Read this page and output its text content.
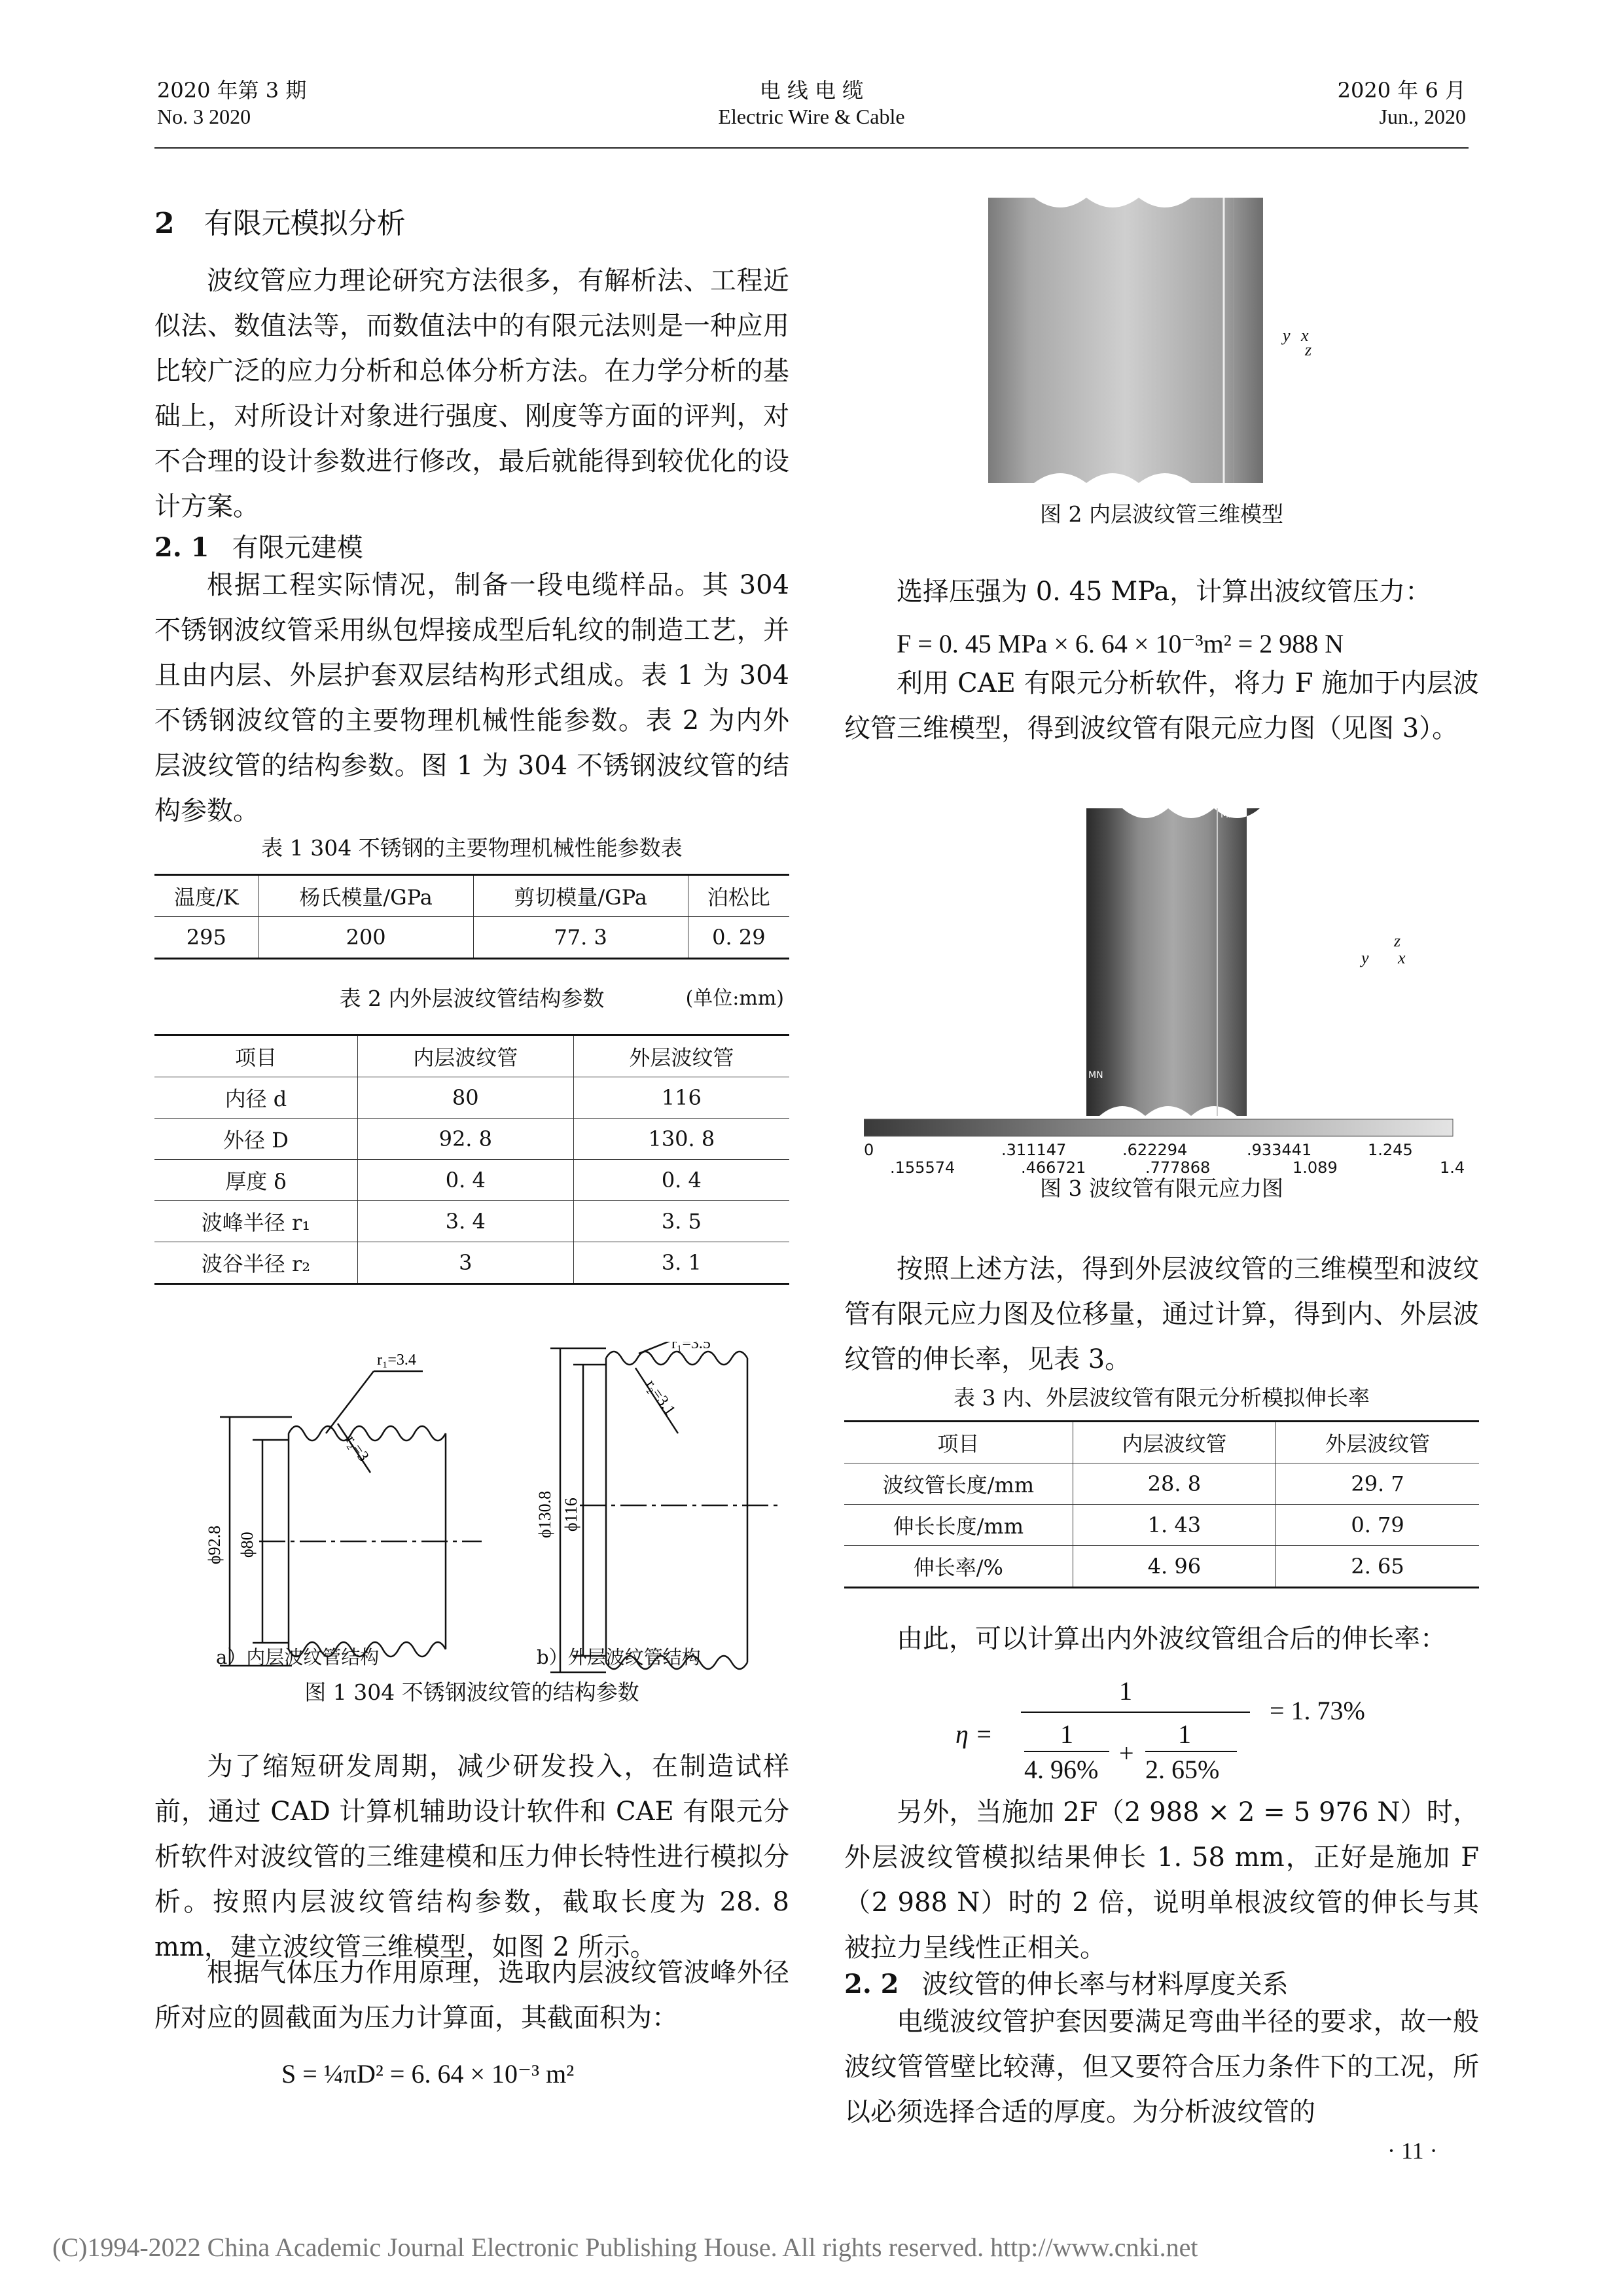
2020 年第 3 期
No. 3 2020
电 线 电 缆
Electric Wire & Cable
2020 年 6 月
Jun., 2020
2 有限元模拟分析
波纹管应力理论研究方法很多，有解析法、工程近似法、数值法等，而数值法中的有限元法则是一种应用比较广泛的应力分析和总体分析方法。在力学分析的基础上，对所设计对象进行强度、刚度等方面的评判，对不合理的设计参数进行修改，最后就能得到较优化的设计方案。
2. 1 有限元建模
根据工程实际情况，制备一段电缆样品。其 304 不锈钢波纹管采用纵包焊接成型后轧纹的制造工艺，并且由内层、外层护套双层结构形式组成。表 1 为 304 不锈钢波纹管的主要物理机械性能参数。表 2 为内外层波纹管的结构参数。图 1 为 304 不锈钢波纹管的结构参数。
表 1 304 不锈钢的主要物理机械性能参数表
温度/K	杨氏模量/GPa	剪切模量/GPa	泊松比
295	200	77. 3	0. 29
表 2 内外层波纹管结构参数	(单位:mm)
项目	内层波纹管	外层波纹管
内径 d	80	116
外径 D	92. 8	130. 8
厚度 δ	0. 4	0. 4
波峰半径 r₁	3. 4	3. 5
波谷半径 r₂	3	3. 1
r₁=3.4
r₂=3
ϕ92.8 ϕ80
r₁=3.5
r₂=3.1
ϕ130.8 ϕ116
a）内层波纹管结构	b）外层波纹管结构
图 1 304 不锈钢波纹管的结构参数
为了缩短研发周期，减少研发投入，在制造试样前，通过 CAD 计算机辅助设计软件和 CAE 有限元分析软件对波纹管的三维建模和压力伸长特性进行模拟分析。按照内层波纹管结构参数，截取长度为 28. 8 mm，建立波纹管三维模型，如图 2 所示。
根据气体压力作用原理，选取内层波纹管波峰外径所对应的圆截面为压力计算面，其截面积为：
S = ¼πD² = 6. 64 × 10⁻³ m²
y x
z
图 2 内层波纹管三维模型
选择压强为 0. 45 MPa，计算出波纹管压力：
F = 0. 45 MPa × 6. 64 × 10⁻³m² = 2 988 N
利用 CAE 有限元分析软件，将力 F 施加于内层波纹管三维模型，得到波纹管有限元应力图（见图 3）。
MX
MN
z
y x
0	.311147	.622294	.933441	1.245
.155574	.466721	.777868	1.089	1.4
图 3 波纹管有限元应力图
按照上述方法，得到外层波纹管的三维模型和波纹管有限元应力图及位移量，通过计算，得到内、外层波纹管的伸长率，见表 3。
表 3 内、外层波纹管有限元分析模拟伸长率
项目	内层波纹管	外层波纹管
波纹管长度/mm	28. 8	29. 7
伸长长度/mm	1. 43	0. 79
伸长率/%	4. 96	2. 65
由此，可以计算出内外波纹管组合后的伸长率：
η =
1
1
4. 96%
+
1
2. 65%
= 1. 73%
另外，当施加 2F（2 988 × 2 = 5 976 N）时，外层波纹管模拟结果伸长 1. 58 mm，正好是施加 F（2 988 N）时的 2 倍，说明单根波纹管的伸长与其被拉力呈线性正相关。
2. 2 波纹管的伸长率与材料厚度关系
电缆波纹管护套因要满足弯曲半径的要求，故一般波纹管管壁比较薄，但又要符合压力条件下的工况，所以必须选择合适的厚度。为分析波纹管的
· 11 ·
(C)1994-2022 China Academic Journal Electronic Publishing House. All rights reserved. http://www.cnki.net
